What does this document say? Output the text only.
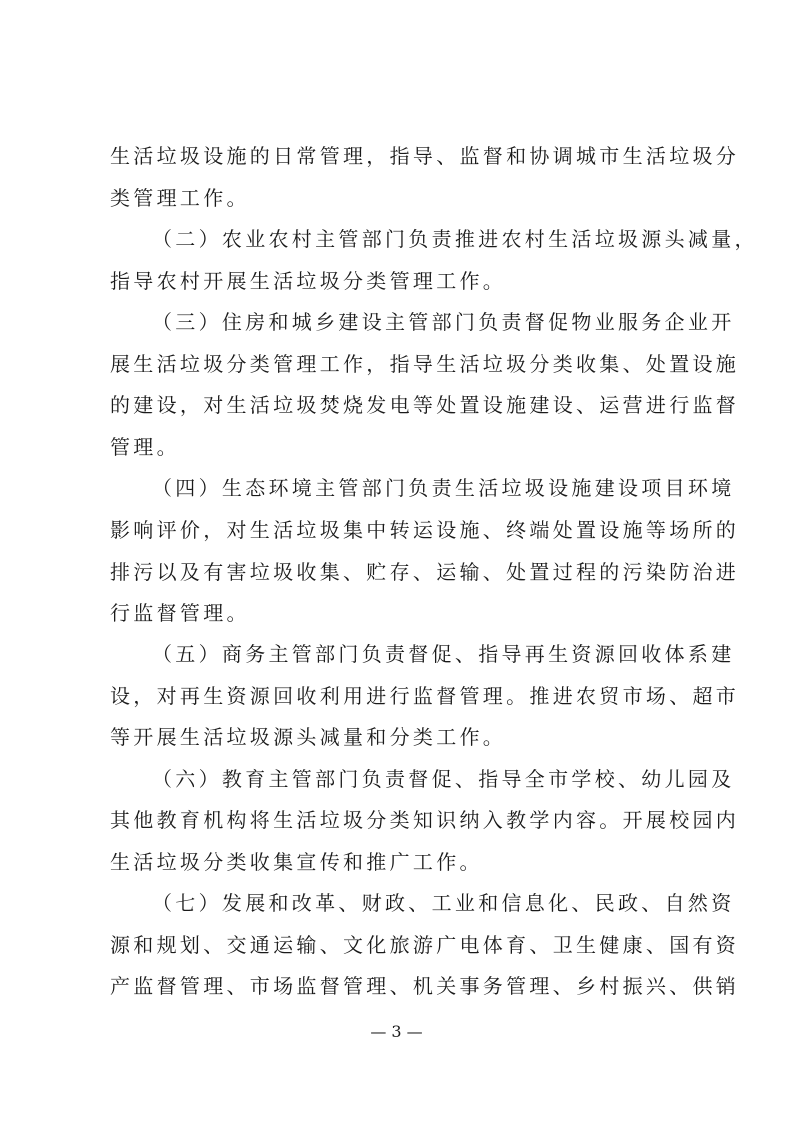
生活垃圾设施的日常管理，指导、监督和协调城市生活垃圾分
类管理工作。
（二）农业农村主管部门负责推进农村生活垃圾源头减量，
指导农村开展生活垃圾分类管理工作。
（三）住房和城乡建设主管部门负责督促物业服务企业开
展生活垃圾分类管理工作，指导生活垃圾分类收集、处置设施
的建设，对生活垃圾焚烧发电等处置设施建设、运营进行监督
管理。
（四）生态环境主管部门负责生活垃圾设施建设项目环境
影响评价，对生活垃圾集中转运设施、终端处置设施等场所的
排污以及有害垃圾收集、贮存、运输、处置过程的污染防治进
行监督管理。
（五）商务主管部门负责督促、指导再生资源回收体系建
设，对再生资源回收利用进行监督管理。推进农贸市场、超市
等开展生活垃圾源头减量和分类工作。
（六）教育主管部门负责督促、指导全市学校、幼儿园及
其他教育机构将生活垃圾分类知识纳入教学内容。开展校园内
生活垃圾分类收集宣传和推广工作。
（七）发展和改革、财政、工业和信息化、民政、自然资
源和规划、交通运输、文化旅游广电体育、卫生健康、国有资
产监督管理、市场监督管理、机关事务管理、乡村振兴、供销
— 3 —
